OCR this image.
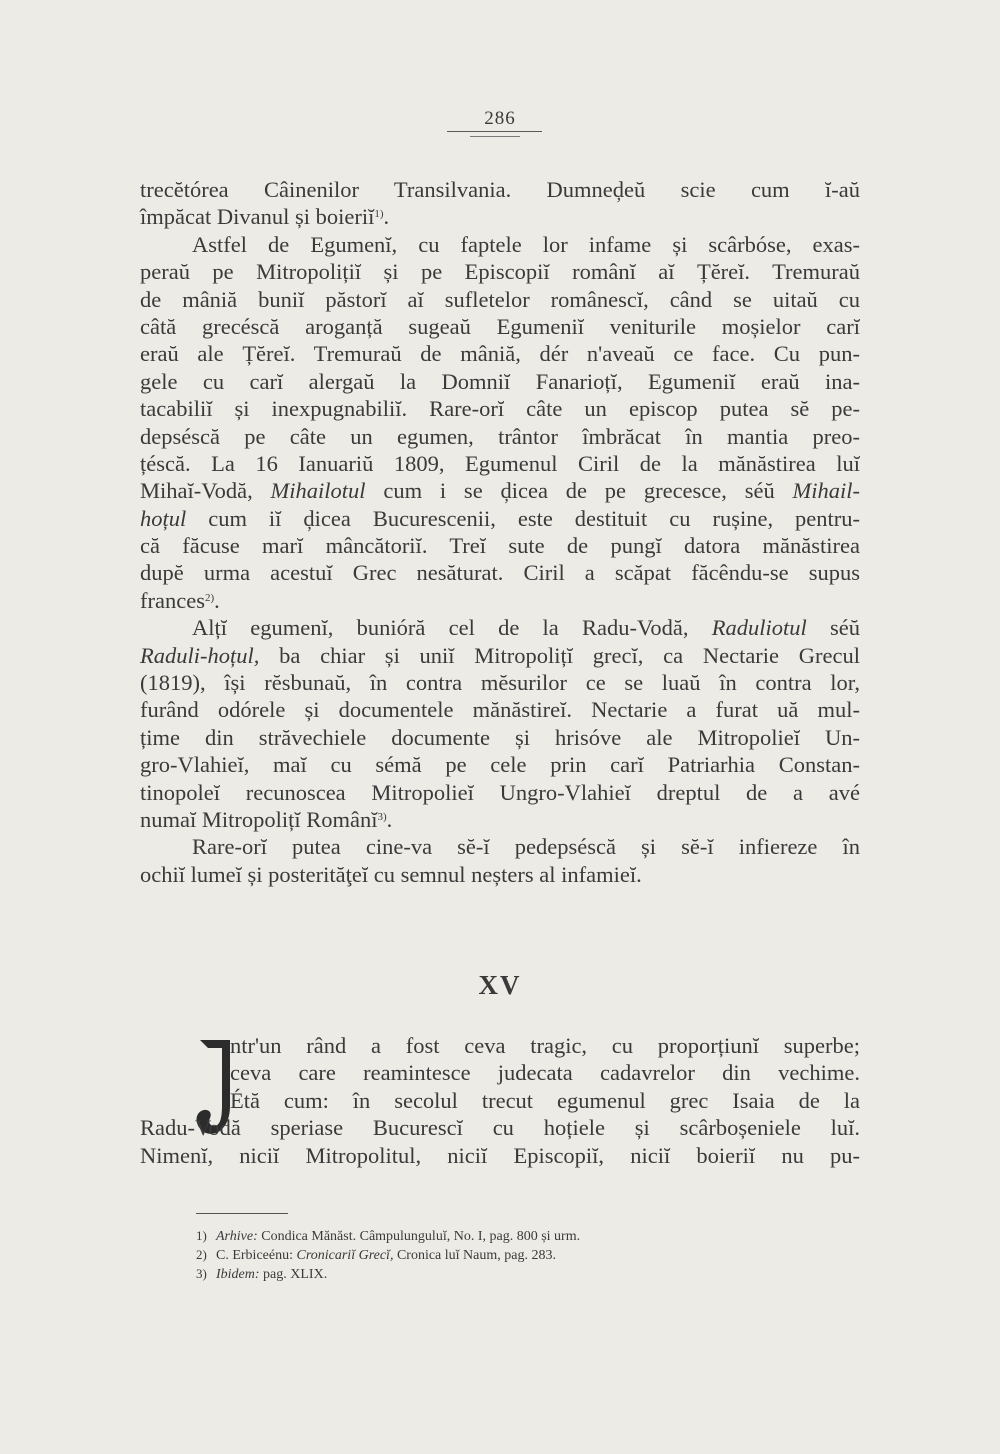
286
trecĕtórea Câinenilor Transilvania. Dumneḑeŭ scie cum ĭ-aŭ
împăcat Divanul și boieriĭ$^{1)}$.
Astfel de Egumenĭ, cu faptele lor infame și scârbóse, exas-
peraŭ pe Mitropolițiĭ și pe Episcopiĭ românĭ aĭ Țĕreĭ. Tremuraŭ
de mâniă buniĭ păstorĭ aĭ sufletelor românescĭ, când se uitaŭ cu
câtă grecéscă aroganță sugeaŭ Egumeniĭ veniturile moșielor carĭ
eraŭ ale Țĕreĭ. Tremuraŭ de mâniă, dér n'aveaŭ ce face. Cu pun-
gele cu carĭ alergaŭ la Domniĭ Fanarioțĭ, Egumeniĭ eraŭ ina-
tacabiliĭ și inexpugnabiliĭ. Rare-orĭ câte un episcop putea sĕ pe-
depséscă pe câte un egumen, trântor îmbrăcat în mantia preo-
țéscă. La 16 Ianuariŭ 1809, Egumenul Ciril de la mănăstirea luĭ
Mihaĭ-Vodă, Mihailotul cum i se ḑicea de pe grecesce, séŭ Mihail-
hoțul cum iĭ ḑicea Bucurescenii, este destituit cu rușine, pentru-
că făcuse marĭ mâncătoriĭ. Treĭ sute de pungĭ datora mănăstirea
dupĕ urma acestuĭ Grec nesăturat. Ciril a scăpat făcêndu-se supus
frances$^{2)}$.
Alțĭ egumenĭ, bunióră cel de la Radu-Vodă, Raduliotul séŭ
Raduli-hoțul, ba chiar și uniĭ Mitropolițĭ grecĭ, ca Nectarie Grecul
(1819), își rĕsbunaŭ, în contra mĕsurilor ce se luaŭ în contra lor,
furând odórele și documentele mănăstireĭ. Nectarie a furat uă mul-
țime din străvechiele documente și hrisóve ale Mitropolieĭ Un-
gro-Vlahieĭ, maĭ cu sémă pe cele prin carĭ Patriarhia Constan-
tinopoleĭ recunoscea Mitropolieĭ Ungro-Vlahieĭ dreptul de a avé
numaĭ Mitropolițĭ Românĭ$^{3)}$.
Rare-orĭ putea cine-va sĕ-ĭ pedepséscă și sĕ-ĭ infiereze în
ochiĭ lumeĭ și posterităţeĭ cu semnul neșters al infamieĭ.
XV
ntr'un rând a fost ceva tragic, cu proporțiunĭ superbe;
ceva care reamintesce judecata cadavrelor din vechime.
Étă cum: în secolul trecut egumenul grec Isaia de la
Radu-Vodă speriase Bucurescĭ cu hoțiele și scârboșeniele luĭ.
Nimenĭ, niciĭ Mitropolitul, niciĭ Episcopiĭ, niciĭ boieriĭ nu pu-
1) Arhive: Condica Mănăst. Câmpulunguluĭ, No. I, pag. 800 și urm.
2) C. Erbiceénu: Cronicariĭ Grecĭ, Cronica luĭ Naum, pag. 283.
3) Ibidem: pag. XLIX.
